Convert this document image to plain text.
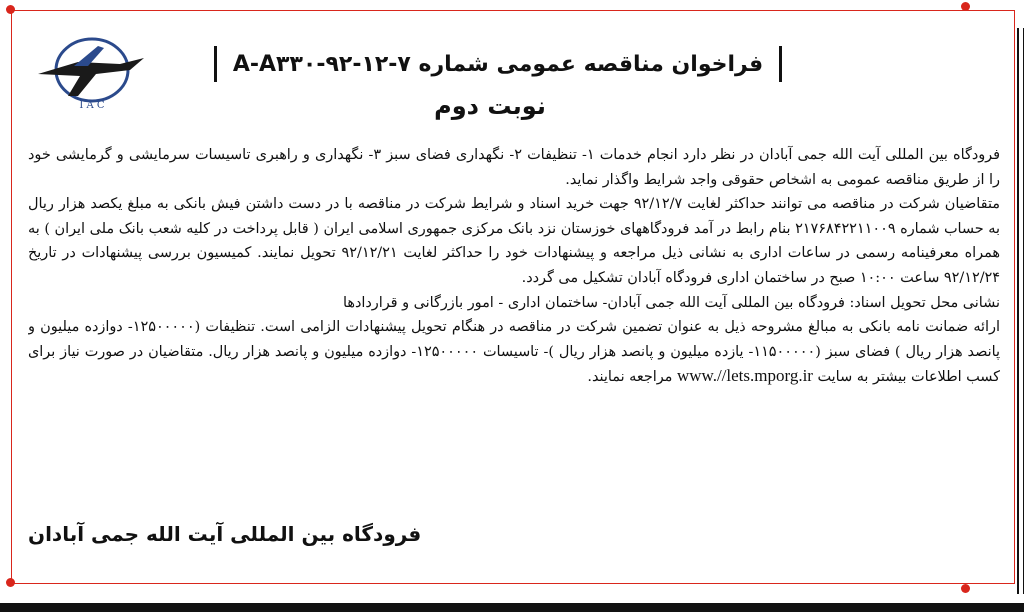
I A C
فراخوان مناقصه عمومی شماره A-A۳۳۰-۹۲-۱۲-۷
نوبت دوم

فرودگاه بین المللی آیت الله جمی آبادان در نظر دارد انجام خدمات ۱- تنظیفات ۲- نگهداری فضای سبز ۳- نگهداری و راهبری تاسیسات سرمایشی و گرمایشی خود را از طریق مناقصه عمومی به اشخاص حقوقی واجد شرایط واگذار نماید.

متقاضیان شرکت در مناقصه می توانند حداکثر لغایت ۹۲/۱۲/۷ جهت خرید اسناد و شرایط شرکت در مناقصه با در دست داشتن فیش بانکی به مبلغ یکصد هزار ریال به حساب شماره ۲۱۷۶۸۴۲۲۱۱۰۰۹ بنام رابط در آمد فرودگاههای خوزستان نزد بانک مرکزی جمهوری اسلامی ایران ( قابل پرداخت در کلیه شعب بانک ملی ایران ) به همراه معرفینامه رسمی در ساعات اداری به نشانی ذیل مراجعه و پیشنهادات خود را حداکثر لغایت ۹۲/۱۲/۲۱ تحویل نمایند. کمیسیون بررسی پیشنهادات در تاریخ ۹۲/۱۲/۲۴ ساعت ۱۰:۰۰ صبح در ساختمان اداری فرودگاه آبادان تشکیل می گردد.

نشانی محل تحویل اسناد: فرودگاه بین المللی آیت الله جمی آبادان- ساختمان اداری - امور بازرگانی و قراردادها

ارائه ضمانت نامه بانکی به مبالغ مشروحه ذیل به عنوان تضمین شرکت در مناقصه در هنگام تحویل پیشنهادات الزامی است. تنظیفات (۱۲۵۰۰۰۰۰- دوازده میلیون و پانصد هزار ریال ) فضای سبز (۱۱۵۰۰۰۰۰- یازده میلیون و پانصد هزار ریال )- تاسیسات ۱۲۵۰۰۰۰۰- دوازده میلیون و پانصد هزار ریال. متقاضیان در صورت نیاز برای کسب اطلاعات بیشتر به سایت www.//lets.mporg.ir مراجعه نمایند.

فرودگاه بین المللی آیت الله جمی آبادان
